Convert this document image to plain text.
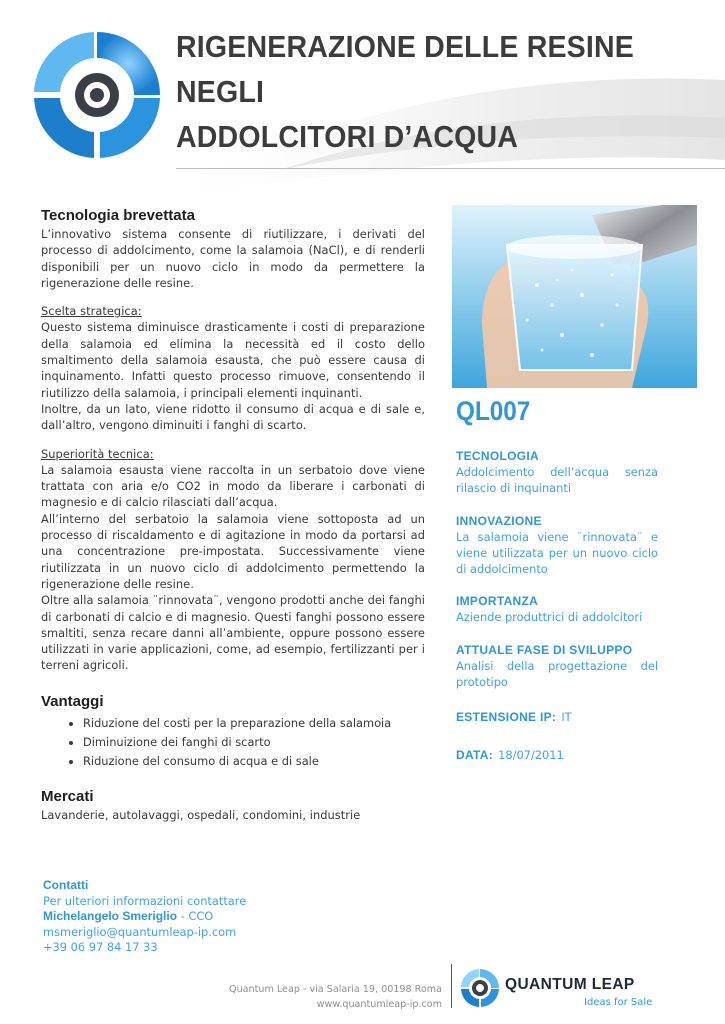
RIGENERAZIONE DELLE RESINE NEGLI
ADDOLCITORI D’ACQUA
Tecnologia brevettata

L’innovativo sistema consente di riutilizzare, i derivati del processo di addolcimento, come la salamoia (NaCl), e di renderli disponibili per un nuovo ciclo in modo da permettere la rigenerazione delle resine.

Scelta strategica:
Questo sistema diminuisce drasticamente i costi di preparazione della salamoia ed elimina la necessità ed il costo dello smaltimento della salamoia esausta, che può essere causa di inquinamento. Infatti questo processo rimuove, consentendo il riutilizzo della salamoia, i principali elementi inquinanti.
Inoltre, da un lato, viene ridotto il consumo di acqua e di sale e, dall’altro, vengono diminuiti i fanghi di scarto.

Superiorità tecnica:
La salamoia esausta viene raccolta in un serbatoio dove viene trattata con aria e/o CO2 in modo da liberare i carbonati di magnesio e di calcio rilasciati dall’acqua.
All’interno del serbatoio la salamoia viene sottoposta ad un processo di riscaldamento e di agitazione in modo da portarsi ad una concentrazione pre-impostata. Successivamente viene riutilizzata in un nuovo ciclo di addolcimento permettendo la rigenerazione delle resine.
Oltre alla salamoia ¨rinnovata¨, vengono prodotti anche dei fanghi di carbonati di calcio e di magnesio. Questi fanghi possono essere smaltiti, senza recare danni all’ambiente, oppure possono essere utilizzati in varie applicazioni, come, ad esempio, fertilizzanti per i terreni agricoli.

Vantaggi
• Riduzione del costi per la preparazione della salamoia
• Diminuizione dei fanghi di scarto
• Riduzione del consumo di acqua e di sale
Mercati

Lavanderie, autolavaggi, ospedali, condomini, industrie

QL007
TECNOLOGIA
Addolcimento dell’acqua senza rilascio di inquinanti
INNOVAZIONE
La salamoia viene ¨rinnovata¨ e viene utilizzata per un nuovo ciclo di addolcimento
IMPORTANZA
Aziende produttrici di addolcitori
ATTUALE FASE DI SVILUPPO
Analisi della progettazione del prototipo
ESTENSIONE IP: IT
DATA: 18/07/2011
Contatti
Per ulteriori informazioni contattare
Michelangelo Smeriglio - CCO
msmeriglio@quantumleap-ip.com
+39 06 97 84 17 33
Quantum Leap - via Salaria 19, 00198 Roma
www.quantumleap-ip.com
QUANTUM LEAP
Ideas for Sale
